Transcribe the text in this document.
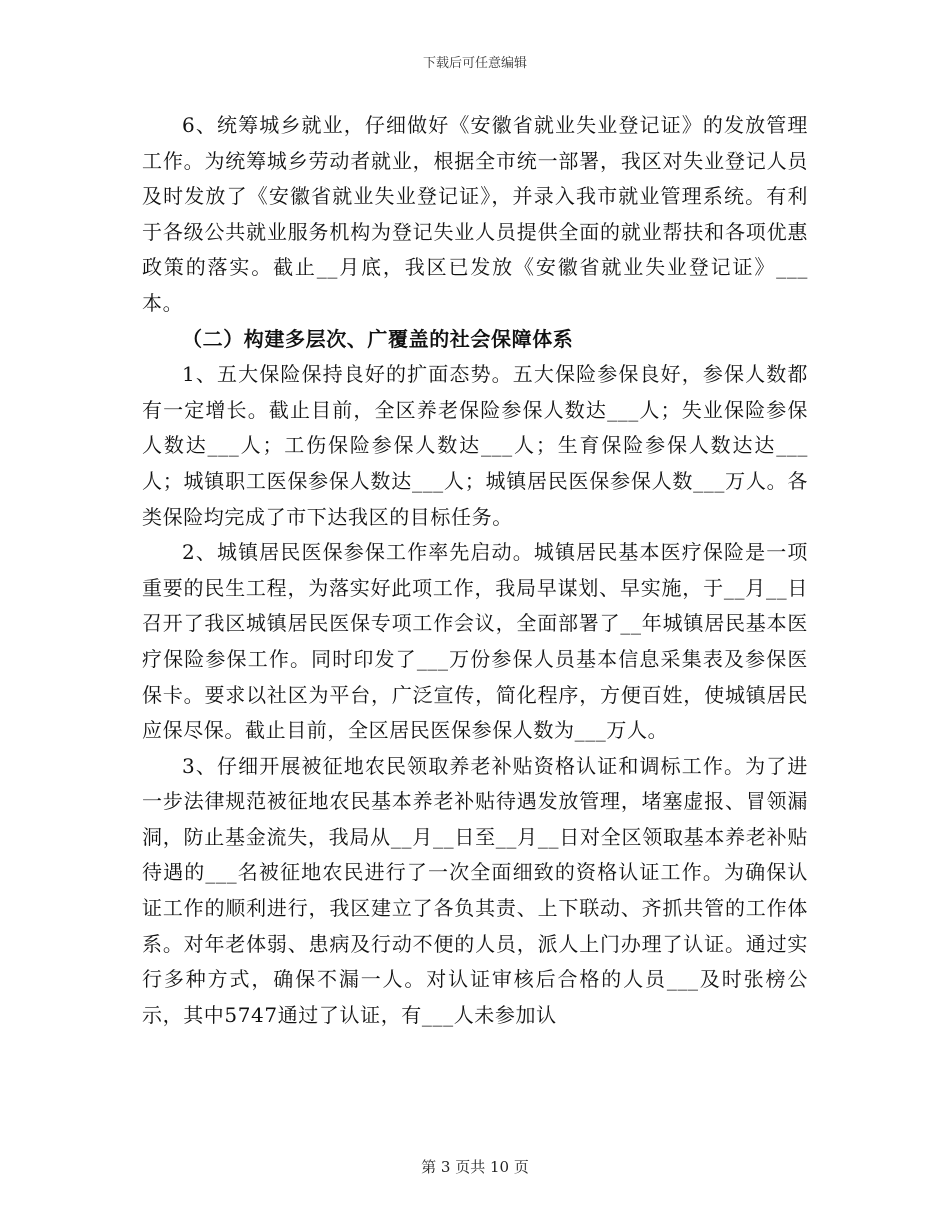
下载后可任意编辑

6、统筹城乡就业，仔细做好《安徽省就业失业登记证》的发放管理工作。为统筹城乡劳动者就业，根据全市统一部署，我区对失业登记人员及时发放了《安徽省就业失业登记证》，并录入我市就业管理系统。有利于各级公共就业服务机构为登记失业人员提供全面的就业帮扶和各项优惠政策的落实。截止__月底，我区已发放《安徽省就业失业登记证》___本。

（二）构建多层次、广覆盖的社会保障体系

1、五大保险保持良好的扩面态势。五大保险参保良好，参保人数都有一定增长。截止目前，全区养老保险参保人数达___人；失业保险参保人数达___人；工伤保险参保人数达___人；生育保险参保人数达达___人；城镇职工医保参保人数达___人；城镇居民医保参保人数___万人。各类保险均完成了市下达我区的目标任务。

2、城镇居民医保参保工作率先启动。城镇居民基本医疗保险是一项重要的民生工程，为落实好此项工作，我局早谋划、早实施，于__月__日召开了我区城镇居民医保专项工作会议，全面部署了__年城镇居民基本医疗保险参保工作。同时印发了___万份参保人员基本信息采集表及参保医保卡。要求以社区为平台，广泛宣传，简化程序，方便百姓，使城镇居民应保尽保。截止目前，全区居民医保参保人数为___万人。

3、仔细开展被征地农民领取养老补贴资格认证和调标工作。为了进一步法律规范被征地农民基本养老补贴待遇发放管理，堵塞虚报、冒领漏洞，防止基金流失，我局从__月__日至__月__日对全区领取基本养老补贴待遇的___名被征地农民进行了一次全面细致的资格认证工作。为确保认证工作的顺利进行，我区建立了各负其责、上下联动、齐抓共管的工作体系。对年老体弱、患病及行动不便的人员，派人上门办理了认证。通过实行多种方式，确保不漏一人。对认证审核后合格的人员___及时张榜公示，其中5747通过了认证，有___人未参加认

第 3 页共 10 页
